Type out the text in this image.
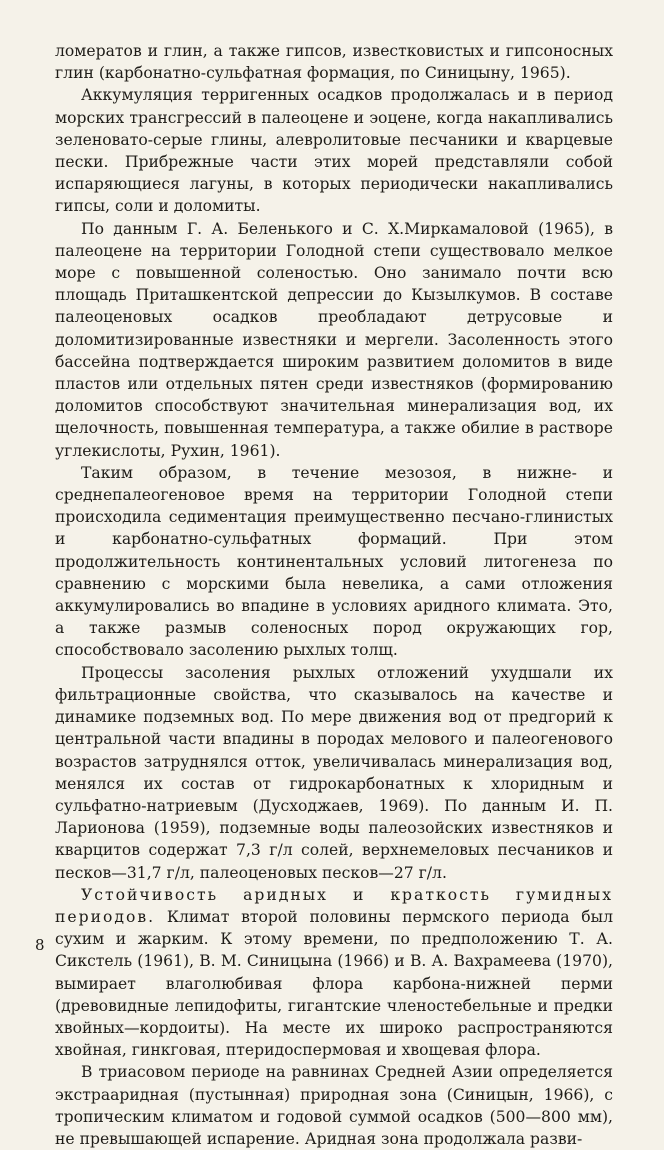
ломератов и глин, а также гипсов, известковистых и гипсоносных глин (карбонатно-сульфатная формация, по Синицыну, 1965).

Аккумуляция терригенных осадков продолжалась и в период морских трансгрессий в палеоцене и эоцене, когда накапливались зеленовато-серые глины, алевролитовые песчаники и кварцевые пески. Прибрежные части этих морей представляли собой испаряющиеся лагуны, в которых периодически накапливались гипсы, соли и доломиты.

По данным Г. А. Беленького и С. Х.Миркамаловой (1965), в палеоцене на территории Голодной степи существовало мелкое море с повышенной соленостью. Оно занимало почти всю площадь Приташкентской депрессии до Кызылкумов. В составе палеоценовых осадков преобладают детрусовые и доломитизированные известняки и мергели. Засоленность этого бассейна подтверждается широким развитием доломитов в виде пластов или отдельных пятен среди известняков (формированию доломитов способствуют значительная минерализация вод, их щелочность, повышенная температура, а также обилие в растворе углекислоты, Рухин, 1961).

Таким образом, в течение мезозоя, в нижне- и среднепалеогеновое время на территории Голодной степи происходила седиментация преимущественно песчано-глинистых и карбонатно-сульфатных формаций. При этом продолжительность континентальных условий литогенеза по сравнению с морскими была невелика, а сами отложения аккумулировались во впадине в условиях аридного климата. Это, а также размыв соленосных пород окружающих гор, способствовало засолению рыхлых толщ.

Процессы засоления рыхлых отложений ухудшали их фильтрационные свойства, что сказывалось на качестве и динамике подземных вод. По мере движения вод от предгорий к центральной части впадины в породах мелового и палеогенового возрастов затруднялся отток, увеличивалась минерализация вод, менялся их состав от гидрокарбонатных к хлоридным и сульфатно-натриевым (Дусходжаев, 1969). По данным И. П. Ларионова (1959), подземные воды палеозойских известняков и кварцитов содержат 7,3 г/л солей, верхнемеловых песчаников и песков—31,7 г/л, палеоценовых песков—27 г/л.

Устойчивость аридных и краткость гумидных периодов. Климат второй половины пермского периода был сухим и жарким. К этому времени, по предположению Т. А. Сикстель (1961), В. М. Синицына (1966) и В. А. Вахрамеева (1970), вымирает влаголюбивая флора карбона-нижней перми (древовидные лепидофиты, гигантские членостебельные и предки хвойных—кордоиты). На месте их широко распространяются хвойная, гинкговая, птеридоспермовая и хвощевая флора.

В триасовом периоде на равнинах Средней Азии определяется экстрааридная (пустынная) природная зона (Синицын, 1966), с тропическим климатом и годовой суммой осадков (500—800 мм), не превышающей испарение. Аридная зона продолжала разви-

8
